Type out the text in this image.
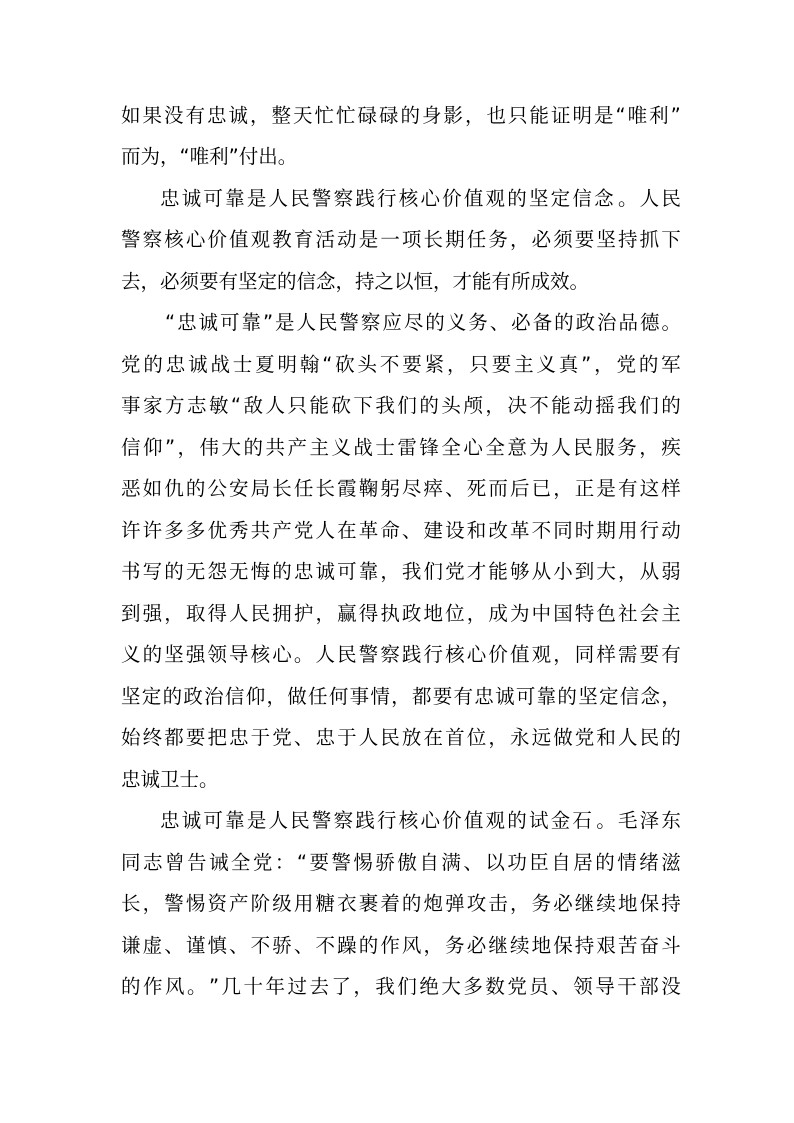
如 果 没 有 忠 诚 ， 整 天 忙 忙 碌 碌 的 身 影 ， 也 只 能 证 明 是 “ 唯 利 ”
而为，“唯利”付出。
忠 诚 可 靠 是 人 民 警 察 践 行 核 心 价 值 观 的 坚 定 信 念 。 人 民
警 察 核 心 价 值 观 教 育 活 动 是 一 项 长 期 任 务 ， 必 须 要 坚 持 抓 下
去，必须要有坚定的信念，持之以恒，才能有所成效。
“ 忠 诚 可 靠 ” 是 人 民 警 察 应 尽 的 义 务 、 必 备 的 政 治 品 德 。
党 的 忠 诚 战 士 夏 明 翰 “ 砍 头 不 要 紧 ， 只 要 主 义 真 ” ， 党 的 军
事 家 方 志 敏 “ 敌 人 只 能 砍 下 我 们 的 头 颅 ， 决 不 能 动 摇 我 们 的
信 仰 ” ， 伟 大 的 共 产 主 义 战 士 雷 锋 全 心 全 意 为 人 民 服 务 ， 疾
恶 如 仇 的 公 安 局 长 任 长 霞 鞠 躬 尽 瘁 、 死 而 后 已 ， 正 是 有 这 样
许 许 多 多 优 秀 共 产 党 人 在 革 命 、 建 设 和 改 革 不 同 时 期 用 行 动
书 写 的 无 怨 无 悔 的 忠 诚 可 靠 ， 我 们 党 才 能 够 从 小 到 大 ， 从 弱
到 强 ， 取 得 人 民 拥 护 ， 赢 得 执 政 地 位 ， 成 为 中 国 特 色 社 会 主
义 的 坚 强 领 导 核 心 。 人 民 警 察 践 行 核 心 价 值 观 ， 同 样 需 要 有
坚 定 的 政 治 信 仰 ， 做 任 何 事 情 ， 都 要 有 忠 诚 可 靠 的 坚 定 信 念 ，
始 终 都 要 把 忠 于 党 、 忠 于 人 民 放 在 首 位 ， 永 远 做 党 和 人 民 的
忠诚卫士。
忠 诚 可 靠 是 人 民 警 察 践 行 核 心 价 值 观 的 试 金 石 。 毛 泽 东
同 志 曾 告 诫 全 党 ： “ 要 警 惕 骄 傲 自 满 、 以 功 臣 自 居 的 情 绪 滋
长 ， 警 惕 资 产 阶 级 用 糖 衣 裹 着 的 炮 弹 攻 击 ， 务 必 继 续 地 保 持
谦 虚 、 谨 慎 、 不 骄 、 不 躁 的 作 风 ， 务 必 继 续 地 保 持 艰 苦 奋 斗
的 作 风 。 ” 几 十 年 过 去 了 ， 我 们 绝 大 多 数 党 员 、 领 导 干 部 没
